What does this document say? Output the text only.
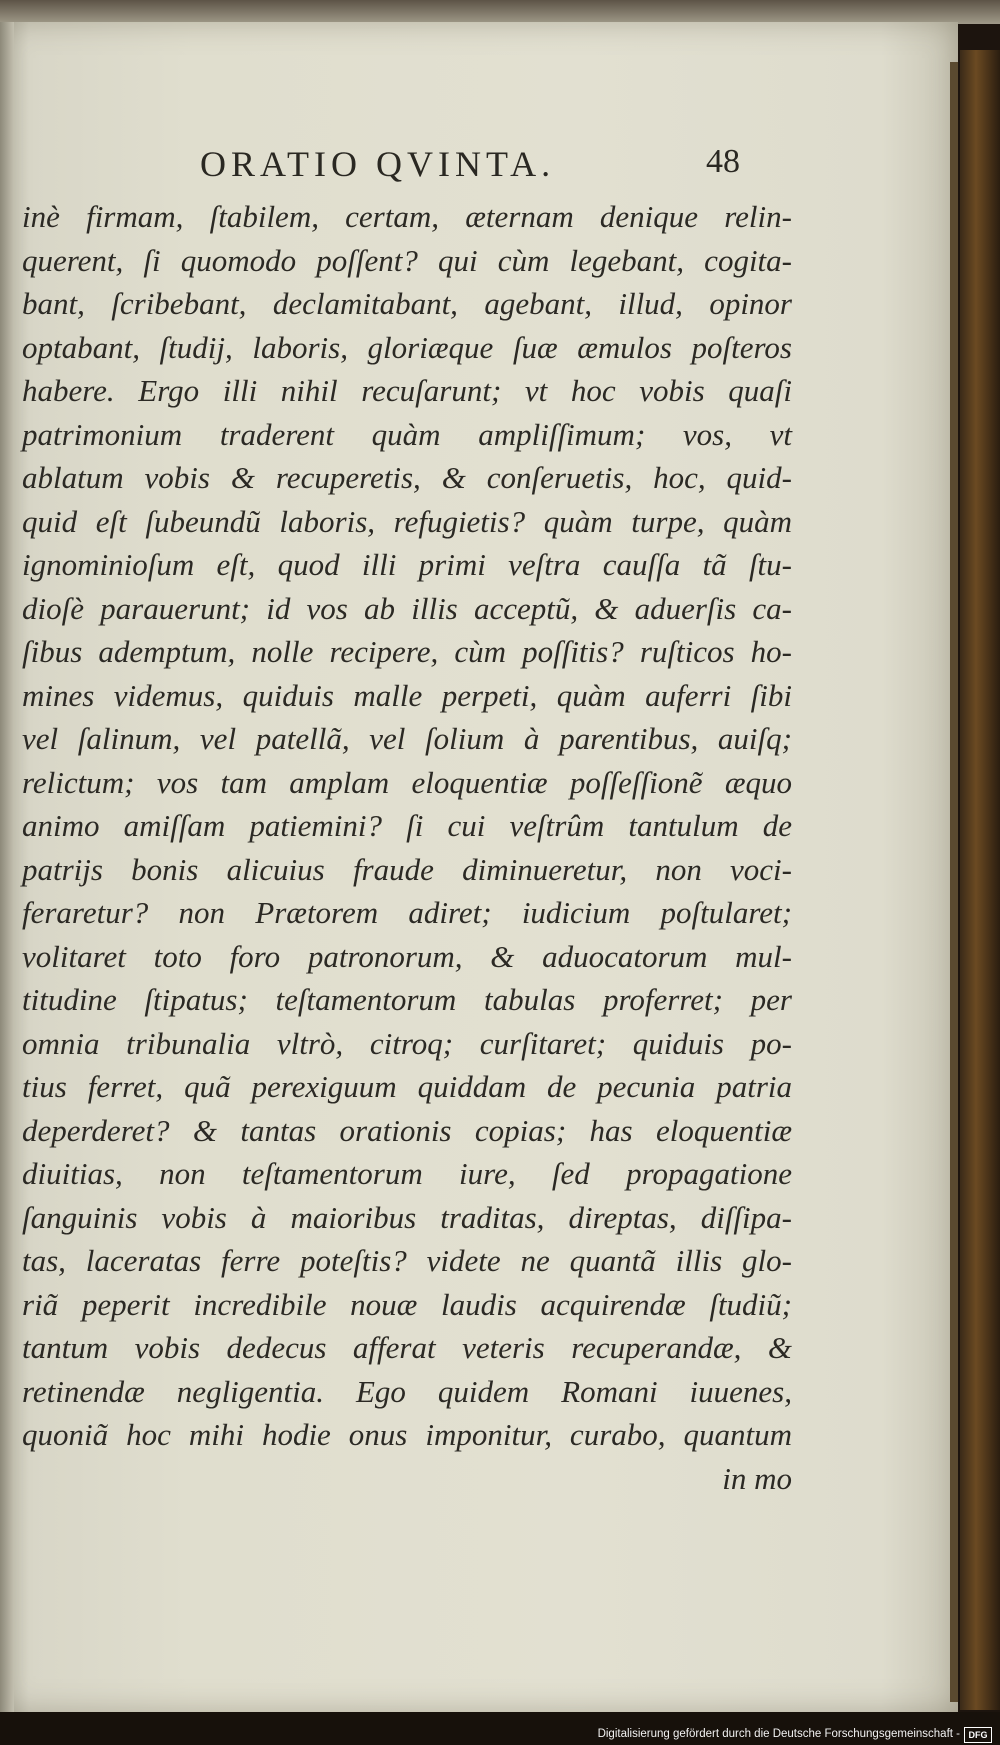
ORATIO QVINTA.	48
inè firmam, ſtabilem, certam, æternam denique relin-
querent, ſi quomodo poſſent? qui cùm legebant, cogita-
bant, ſcribebant, declamitabant, agebant, illud, opinor
optabant, ſtudij, laboris, gloriæque ſuæ æmulos poſteros
habere. Ergo illi nihil recuſarunt; vt hoc vobis quaſi
patrimonium traderent quàm ampliſſimum; vos, vt
ablatum vobis & recuperetis, & conſeruetis, hoc, quid-
quid eſt ſubeundũ laboris, refugietis? quàm turpe, quàm
ignominioſum eſt, quod illi primi veſtra cauſſa tã ſtu-
dioſè parauerunt; id vos ab illis acceptũ, & aduerſis ca-
ſibus ademptum, nolle recipere, cùm poſſitis? ruſticos ho-
mines videmus, quiduis malle perpeti, quàm auferri ſibi
vel ſalinum, vel patellã, vel ſolium à parentibus, auiſq;
relictum; vos tam amplam eloquentiæ poſſeſſionẽ æquo
animo amiſſam patiemini? ſi cui veſtrûm tantulum de
patrijs bonis alicuius fraude diminueretur, non voci-
feraretur? non Prætorem adiret; iudicium poſtularet;
volitaret toto foro patronorum, & aduocatorum mul-
titudine ſtipatus; teſtamentorum tabulas proferret; per
omnia tribunalia vltrò, citroq; curſitaret; quiduis po-
tius ferret, quã perexiguum quiddam de pecunia patria
deperderet? & tantas orationis copias; has eloquentiæ
diuitias, non teſtamentorum iure, ſed propagatione
ſanguinis vobis à maioribus traditas, direptas, diſſipa-
tas, laceratas ferre poteſtis? videte ne quantã illis glo-
riã peperit incredibile nouæ laudis acquirendæ ſtudiũ;
tantum vobis dedecus afferat veteris recuperandæ, &
retinendæ negligentia. Ego quidem Romani iuuenes,
quoniã hoc mihi hodie onus imponitur, curabo, quantum
in mo
Digitalisierung gefördert durch die Deutsche Forschungsgemeinschaft - DFG
